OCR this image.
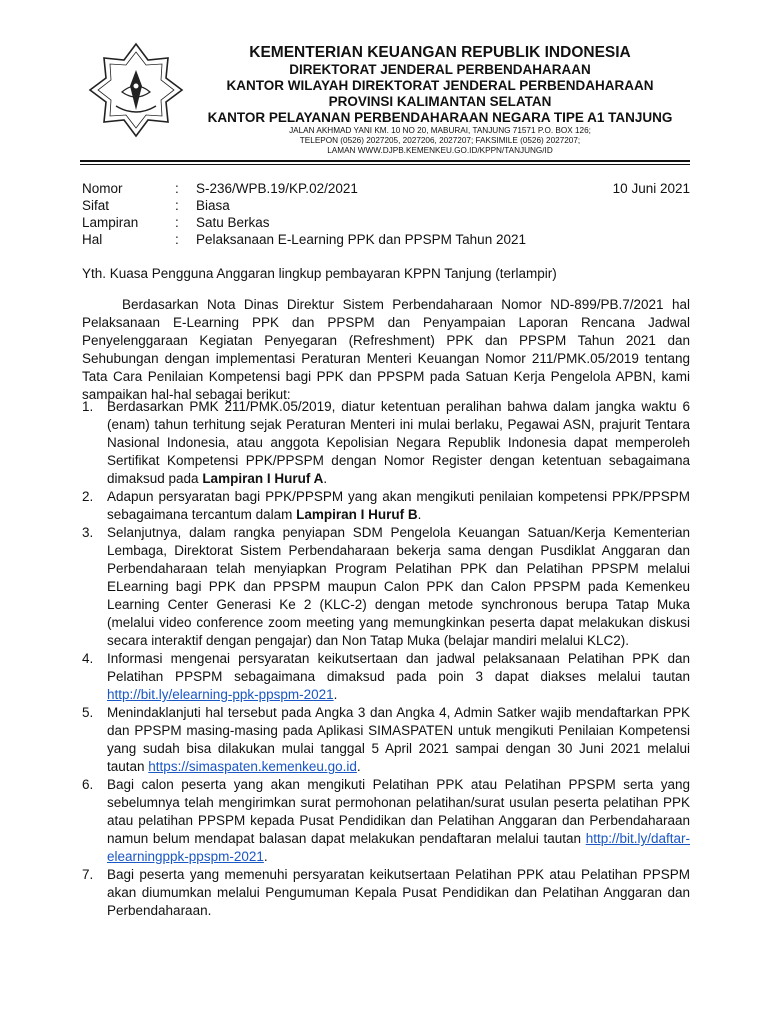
KEMENTERIAN KEUANGAN REPUBLIK INDONESIA
DIREKTORAT JENDERAL PERBENDAHARAAN
KANTOR WILAYAH DIREKTORAT JENDERAL PERBENDAHARAAN
PROVINSI KALIMANTAN SELATAN
KANTOR PELAYANAN PERBENDAHARAAN NEGARA TIPE A1 TANJUNG
JALAN AKHMAD YANI KM. 10 NO 20, MABURAI, TANJUNG 71571 P.O. BOX 126;
TELEPON (0526) 2027205, 2027206, 2027207; FAKSIMILE (0526) 2027207;
LAMAN WWW.DJPB.KEMENKEU.GO.ID/KPPN/TANJUNG/ID
Nomor	: S-236/WPB.19/KP.02/2021	10 Juni 2021
Sifat	: Biasa
Lampiran	: Satu Berkas
Hal	: Pelaksanaan E-Learning PPK dan PPSPM Tahun 2021
Yth. Kuasa Pengguna Anggaran lingkup pembayaran KPPN Tanjung (terlampir)
Berdasarkan Nota Dinas Direktur Sistem Perbendaharaan Nomor ND-899/PB.7/2021 hal Pelaksanaan E-Learning PPK dan PPSPM dan Penyampaian Laporan Rencana Jadwal Penyelenggaraan Kegiatan Penyegaran (Refreshment) PPK dan PPSPM Tahun 2021 dan Sehubungan dengan implementasi Peraturan Menteri Keuangan Nomor 211/PMK.05/2019 tentang Tata Cara Penilaian Kompetensi bagi PPK dan PPSPM pada Satuan Kerja Pengelola APBN, kami sampaikan hal-hal sebagai berikut:
1. Berdasarkan PMK 211/PMK.05/2019, diatur ketentuan peralihan bahwa dalam jangka waktu 6 (enam) tahun terhitung sejak Peraturan Menteri ini mulai berlaku, Pegawai ASN, prajurit Tentara Nasional Indonesia, atau anggota Kepolisian Negara Republik Indonesia dapat memperoleh Sertifikat Kompetensi PPK/PPSPM dengan Nomor Register dengan ketentuan sebagaimana dimaksud pada Lampiran I Huruf A.
2. Adapun persyaratan bagi PPK/PPSPM yang akan mengikuti penilaian kompetensi PPK/PPSPM sebagaimana tercantum dalam Lampiran I Huruf B.
3. Selanjutnya, dalam rangka penyiapan SDM Pengelola Keuangan Satuan/Kerja Kementerian Lembaga, Direktorat Sistem Perbendaharaan bekerja sama dengan Pusdiklat Anggaran dan Perbendaharaan telah menyiapkan Program Pelatihan PPK dan Pelatihan PPSPM melalui ELearning bagi PPK dan PPSPM maupun Calon PPK dan Calon PPSPM pada Kemenkeu Learning Center Generasi Ke 2 (KLC-2) dengan metode synchronous berupa Tatap Muka (melalui video conference zoom meeting yang memungkinkan peserta dapat melakukan diskusi secara interaktif dengan pengajar) dan Non Tatap Muka (belajar mandiri melalui KLC2).
4. Informasi mengenai persyaratan keikutsertaan dan jadwal pelaksanaan Pelatihan PPK dan Pelatihan PPSPM sebagaimana dimaksud pada poin 3 dapat diakses melalui tautan http://bit.ly/elearning-ppk-ppspm-2021.
5. Menindaklanjuti hal tersebut pada Angka 3 dan Angka 4, Admin Satker wajib mendaftarkan PPK dan PPSPM masing-masing pada Aplikasi SIMASPATEN untuk mengikuti Penilaian Kompetensi yang sudah bisa dilakukan mulai tanggal 5 April 2021 sampai dengan 30 Juni 2021 melalui tautan https://simaspaten.kemenkeu.go.id.
6. Bagi calon peserta yang akan mengikuti Pelatihan PPK atau Pelatihan PPSPM serta yang sebelumnya telah mengirimkan surat permohonan pelatihan/surat usulan peserta pelatihan PPK atau pelatihan PPSPM kepada Pusat Pendidikan dan Pelatihan Anggaran dan Perbendaharaan namun belum mendapat balasan dapat melakukan pendaftaran melalui tautan http://bit.ly/daftar-elearningppk-ppspm-2021.
7. Bagi peserta yang memenuhi persyaratan keikutsertaan Pelatihan PPK atau Pelatihan PPSPM akan diumumkan melalui Pengumuman Kepala Pusat Pendidikan dan Pelatihan Anggaran dan Perbendaharaan.
